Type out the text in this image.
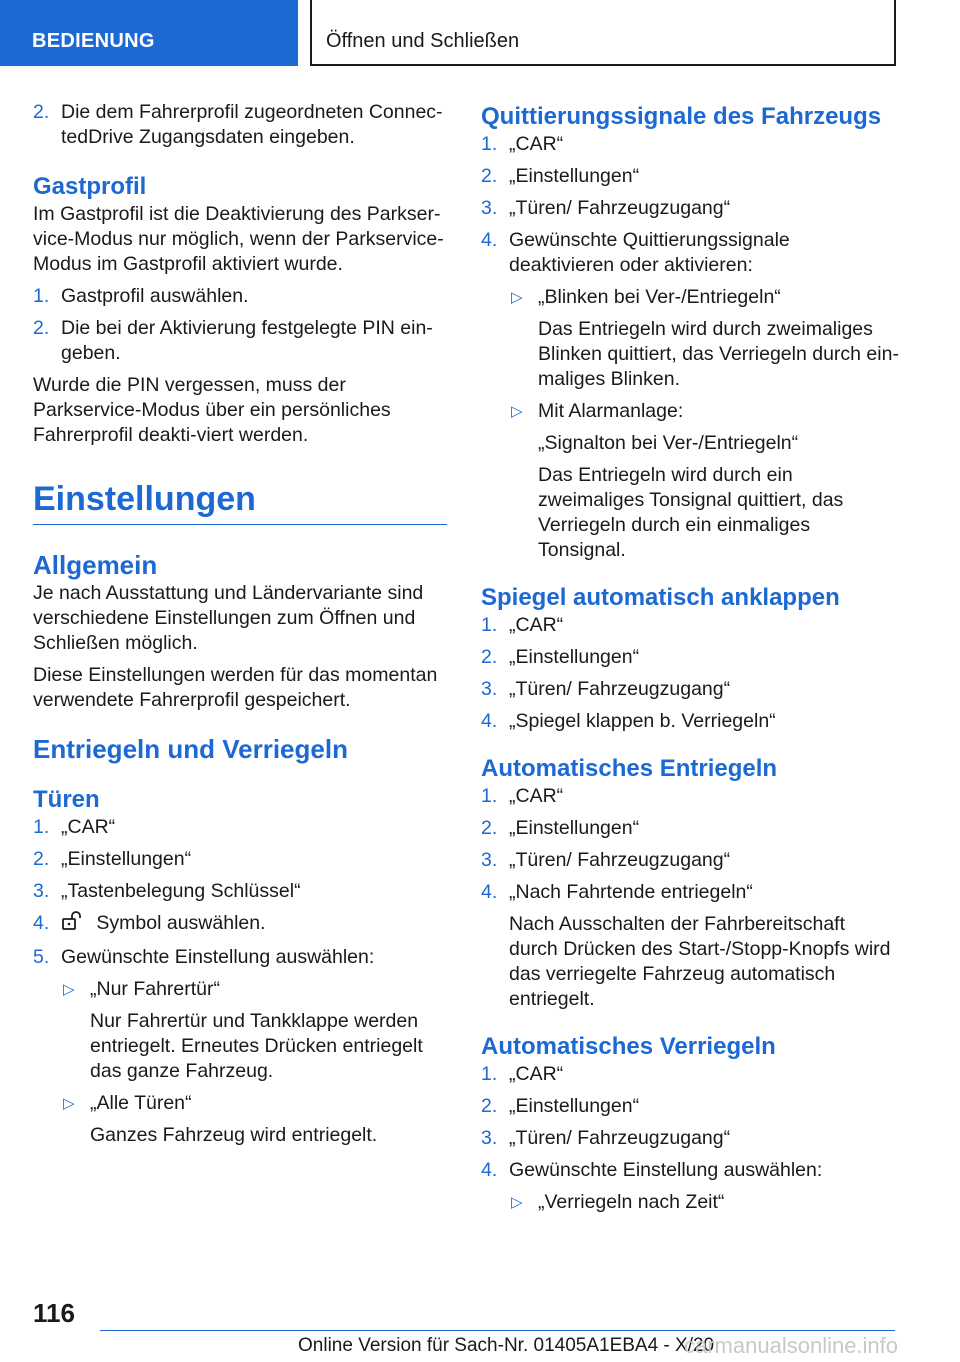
BEDIENUNG	Öffnen und Schließen
2. Die dem Fahrerprofil zugeordneten Connec-tedDrive Zugangsdaten eingeben.
Gastprofil

Im Gastprofil ist die Deaktivierung des Parkser-vice-Modus nur möglich, wenn der Parkservice-Modus im Gastprofil aktiviert wurde.

1. Gastprofil auswählen.
2. Die bei der Aktivierung festgelegte PIN ein-geben.

Wurde die PIN vergessen, muss der Parkservice-Modus über ein persönliches Fahrerprofil deakti-viert werden.

Einstellungen
Allgemein

Je nach Ausstattung und Ländervariante sind verschiedene Einstellungen zum Öffnen und Schließen möglich.

Diese Einstellungen werden für das momentan verwendete Fahrerprofil gespeichert.

Entriegeln und Verriegeln
Türen
1. „CAR“
2. „Einstellungen“
3. „Tastenbelegung Schlüssel“
4. Symbol auswählen.
5. Gewünschte Einstellung auswählen:
▷ „Nur Fahrertür“
Nur Fahrertür und Tankklappe werden entriegelt. Erneutes Drücken entriegelt das ganze Fahrzeug.
▷ „Alle Türen“
Ganzes Fahrzeug wird entriegelt.
Quittierungssignale des Fahrzeugs
1. „CAR“
2. „Einstellungen“
3. „Türen/ Fahrzeugzugang“
4. Gewünschte Quittierungssignale deaktivieren oder aktivieren:
▷ „Blinken bei Ver-/Entriegeln“
Das Entriegeln wird durch zweimaliges Blinken quittiert, das Verriegeln durch ein-maliges Blinken.
▷ Mit Alarmanlage:
„Signalton bei Ver-/Entriegeln“
Das Entriegeln wird durch ein zweimaliges Tonsignal quittiert, das Verriegeln durch ein einmaliges Tonsignal.
Spiegel automatisch anklappen
1. „CAR“
2. „Einstellungen“
3. „Türen/ Fahrzeugzugang“
4. „Spiegel klappen b. Verriegeln“
Automatisches Entriegeln
1. „CAR“
2. „Einstellungen“
3. „Türen/ Fahrzeugzugang“
4. „Nach Fahrtende entriegeln“
Nach Ausschalten der Fahrbereitschaft durch Drücken des Start-/Stopp-Knopfs wird das verriegelte Fahrzeug automatisch entriegelt.
Automatisches Verriegeln
1. „CAR“
2. „Einstellungen“
3. „Türen/ Fahrzeugzugang“
4. Gewünschte Einstellung auswählen:
▷ „Verriegeln nach Zeit“
116
Online Version für Sach-Nr. 01405A1EBA4 - X/20
carmanualsonline.info
